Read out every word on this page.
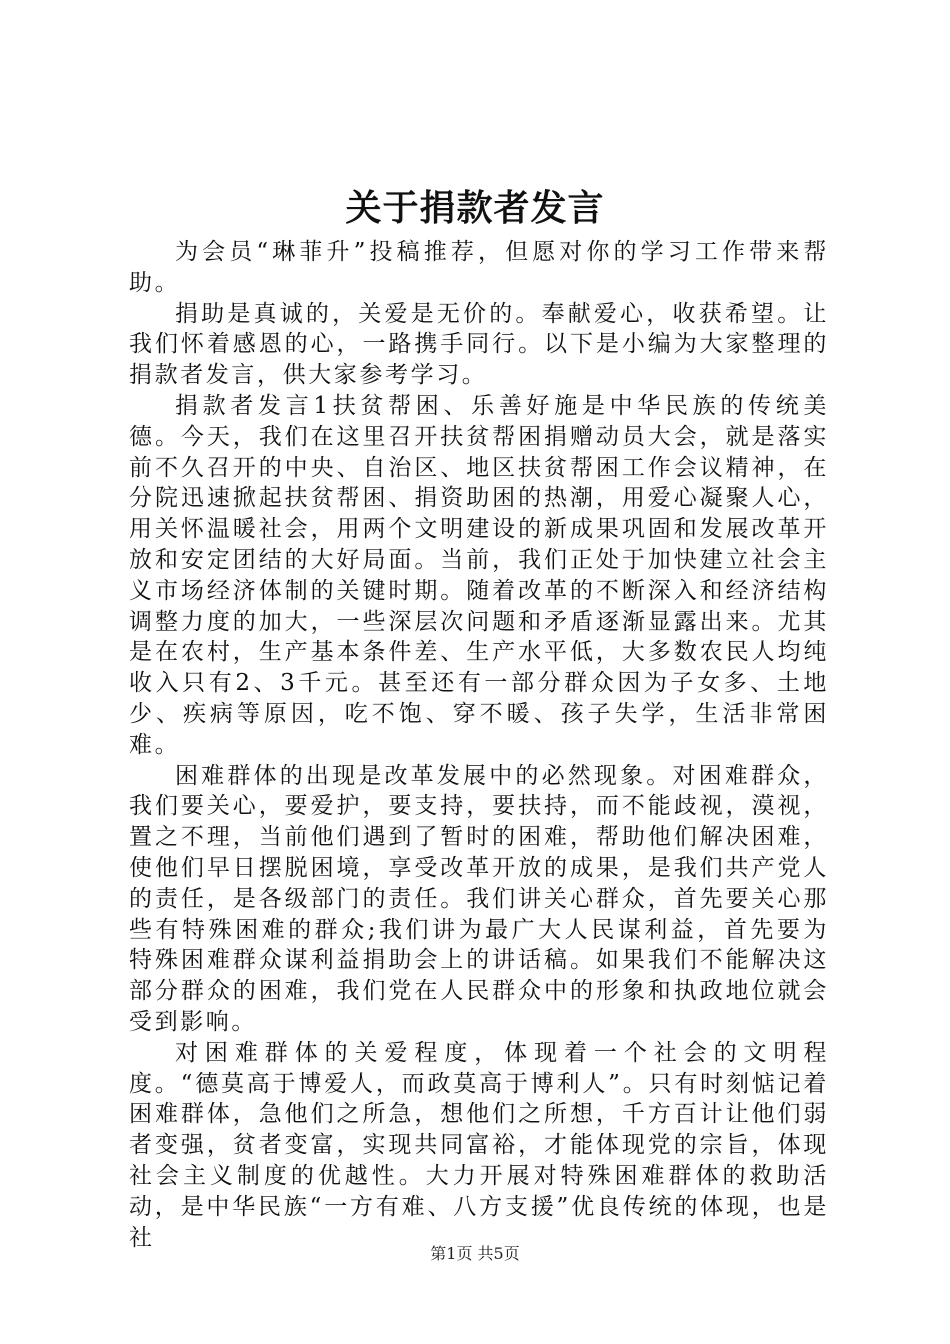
关于捐款者发言

为会员“琳菲升”投稿推荐，但愿对你的学习工作带来帮助。

捐助是真诚的，关爱是无价的。奉献爱心，收获希望。让我们怀着感恩的心，一路携手同行。以下是小编为大家整理的捐款者发言，供大家参考学习。

捐款者发言1扶贫帮困、乐善好施是中华民族的传统美德。今天，我们在这里召开扶贫帮困捐赠动员大会，就是落实前不久召开的中央、自治区、地区扶贫帮困工作会议精神，在分院迅速掀起扶贫帮困、捐资助困的热潮，用爱心凝聚人心，用关怀温暖社会，用两个文明建设的新成果巩固和发展改革开放和安定团结的大好局面。当前，我们正处于加快建立社会主义市场经济体制的关键时期。随着改革的不断深入和经济结构调整力度的加大，一些深层次问题和矛盾逐渐显露出来。尤其是在农村，生产基本条件差、生产水平低，大多数农民人均纯收入只有2、3千元。甚至还有一部分群众因为子女多、土地少、疾病等原因，吃不饱、穿不暖、孩子失学，生活非常困难。

困难群体的出现是改革发展中的必然现象。对困难群众，我们要关心，要爱护，要支持，要扶持，而不能歧视，漠视，置之不理，当前他们遇到了暂时的困难，帮助他们解决困难，使他们早日摆脱困境，享受改革开放的成果，是我们共产党人的责任，是各级部门的责任。我们讲关心群众，首先要关心那些有特殊困难的群众;我们讲为最广大人民谋利益，首先要为特殊困难群众谋利益捐助会上的讲话稿。如果我们不能解决这部分群众的困难，我们党在人民群众中的形象和执政地位就会受到影响。

对困难群体的关爱程度，体现着一个社会的文明程度。“德莫高于博爱人，而政莫高于博利人”。只有时刻惦记着困难群体，急他们之所急，想他们之所想，千方百计让他们弱者变强，贫者变富，实现共同富裕，才能体现党的宗旨，体现社会主义制度的优越性。大力开展对特殊困难群体的救助活动，是中华民族“一方有难、八方支援”优良传统的体现，也是社

第1页 共5页
